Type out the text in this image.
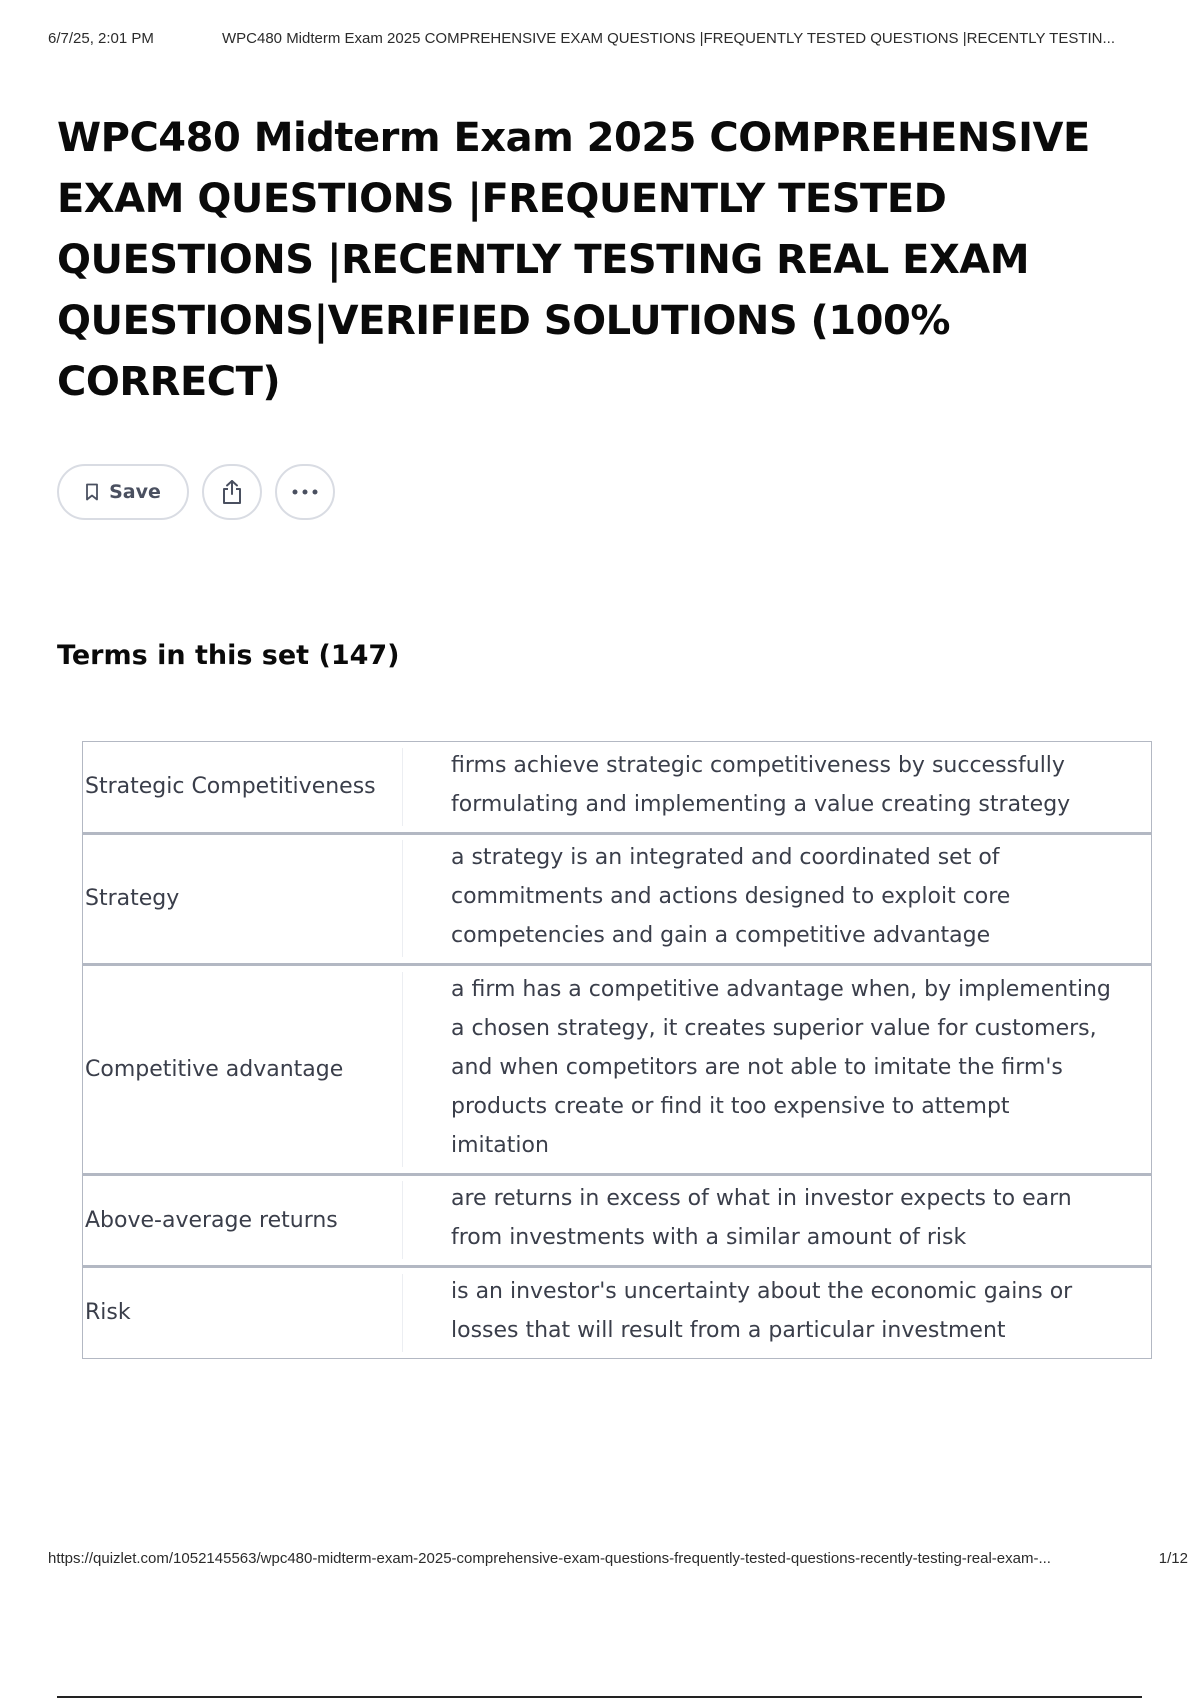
6/7/25, 2:01 PM	WPC480 Midterm Exam 2025 COMPREHENSIVE EXAM QUESTIONS |FREQUENTLY TESTED QUESTIONS |RECENTLY TESTIN...
WPC480 Midterm Exam 2025 COMPREHENSIVE EXAM QUESTIONS |FREQUENTLY TESTED QUESTIONS |RECENTLY TESTING REAL EXAM QUESTIONS|VERIFIED SOLUTIONS (100% CORRECT)
Save
Terms in this set (147)
Strategic Competitiveness
firms achieve strategic competitiveness by successfully formulating and implementing a value creating strategy
Strategy
a strategy is an integrated and coordinated set of commitments and actions designed to exploit core competencies and gain a competitive advantage
Competitive advantage
a firm has a competitive advantage when, by implementing a chosen strategy, it creates superior value for customers, and when competitors are not able to imitate the firm's products create or find it too expensive to attempt imitation
Above-average returns
are returns in excess of what in investor expects to earn from investments with a similar amount of risk
Risk
is an investor's uncertainty about the economic gains or losses that will result from a particular investment
https://quizlet.com/1052145563/wpc480-midterm-exam-2025-comprehensive-exam-questions-frequently-tested-questions-recently-testing-real-exam-...	1/12
